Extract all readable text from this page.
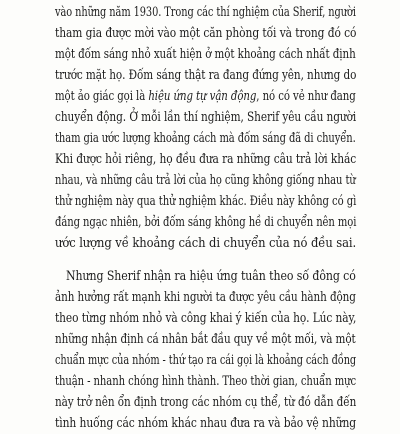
vào những năm 1930. Trong các thí nghiệm của Sherif, người
tham gia được mời vào một căn phòng tối và trong đó có
một đốm sáng nhỏ xuất hiện ở một khoảng cách nhất định
trước mặt họ. Đốm sáng thật ra đang đứng yên, nhưng do
một ảo giác gọi là hiệu ứng tự vận động, nó có vẻ như đang
chuyển động. Ở mỗi lần thí nghiệm, Sherif yêu cầu người
tham gia ước lượng khoảng cách mà đốm sáng đã di chuyển.
Khi được hỏi riêng, họ đều đưa ra những câu trả lời khác
nhau, và những câu trả lời của họ cũng không giống nhau từ
thử nghiệm này qua thử nghiệm khác. Điều này không có gì
đáng ngạc nhiên, bởi đốm sáng không hề di chuyển nên mọi
ước lượng về khoảng cách di chuyển của nó đều sai.
Nhưng Sherif nhận ra hiệu ứng tuân theo số đông có
ảnh hưởng rất mạnh khi người ta được yêu cầu hành động
theo từng nhóm nhỏ và công khai ý kiến của họ. Lúc này,
những nhận định cá nhân bắt đầu quy về một mối, và một
chuẩn mực của nhóm - thứ tạo ra cái gọi là khoảng cách đồng
thuận - nhanh chóng hình thành. Theo thời gian, chuẩn mực
này trở nên ổn định trong các nhóm cụ thể, từ đó dẫn đến
tình huống các nhóm khác nhau đưa ra và bảo vệ những
